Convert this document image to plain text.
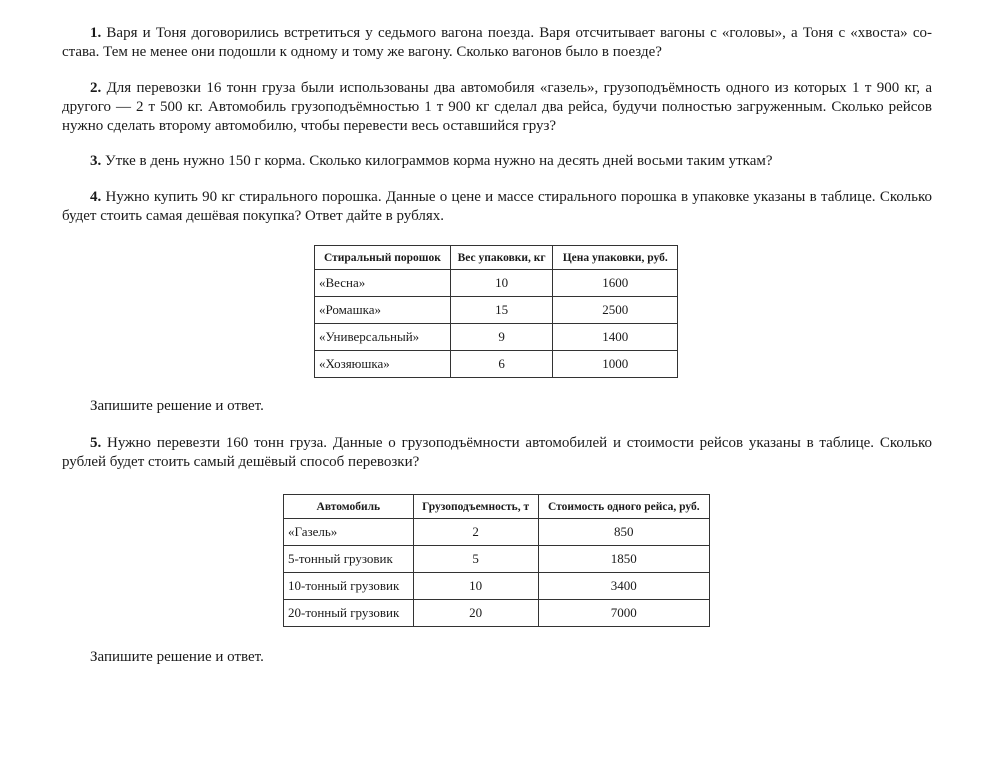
1. Варя и Тоня договорились встретиться у седьмого вагона поезда. Варя отсчитывает вагоны с «головы», а Тоня с «хвоста» со-става. Тем не менее они подошли к одному и тому же вагону. Сколько вагонов было в поезде?

2. Для перевозки 16 тонн груза были использованы два автомобиля «газель», грузоподъёмность одного из которых 1 т 900 кг, а другого — 2 т 500 кг. Автомобиль грузоподъёмностью 1 т 900 кг сделал два рейса, будучи полностью загруженным. Сколько рейсов нужно сделать второму автомобилю, чтобы перевести весь оставшийся груз?

3. Утке в день нужно 150 г корма. Сколько килограммов корма нужно на десять дней восьми таким уткам?

4. Нужно купить 90 кг стирального порошка. Данные о цене и массе стирального порошка в упаковке указаны в таблице. Сколько будет стоить самая дешёвая покупка? Ответ дайте в рублях.

Стиральный порошок	Вес упаковки, кг	Цена упаковки, руб.
«Весна»	10	1600
«Ромашка»	15	2500
«Универсальный»	9	1400
«Хозяюшка»	6	1000

Запишите решение и ответ.

5. Нужно перевезти 160 тонн груза. Данные о грузоподъёмности автомобилей и стоимости рейсов указаны в таблице. Сколько рублей будет стоить самый дешёвый способ перевозки?

Автомобиль	Грузоподъемность, т	Стоимость одного рейса, руб.
«Газель»	2	850
5-тонный грузовик	5	1850
10-тонный грузовик	10	3400
20-тонный грузовик	20	7000

Запишите решение и ответ.
